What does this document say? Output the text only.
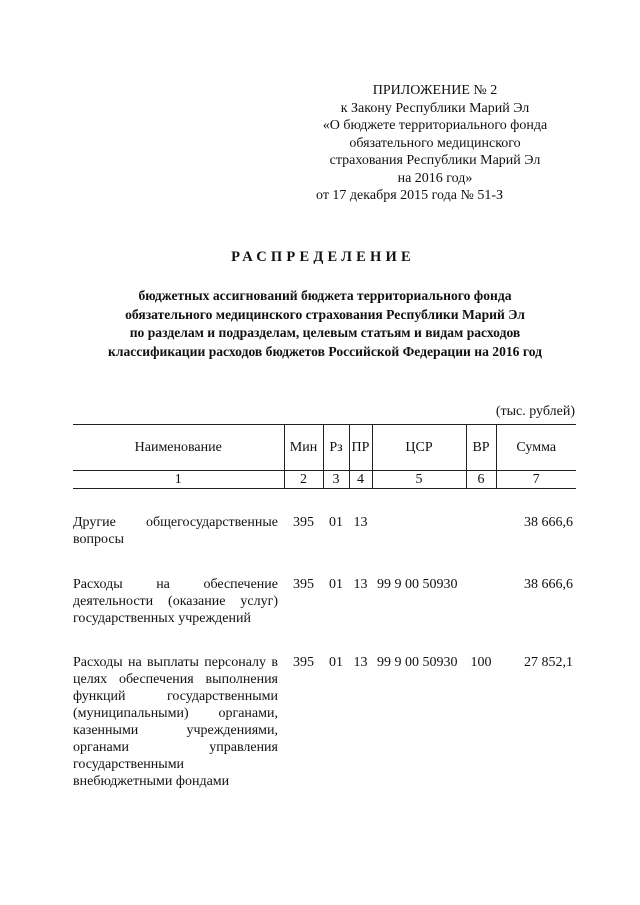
ПРИЛОЖЕНИЕ № 2
к Закону Республики Марий Эл
«О бюджете территориального фонда
обязательного медицинского
страхования Республики Марий Эл
на 2016 год»
от 17 декабря 2015 года № 51-З
РАСПРЕДЕЛЕНИЕ
бюджетных ассигнований бюджета территориального фонда
обязательного медицинского страхования Республики Марий Эл
по разделам и подразделам, целевым статьям и видам расходов
классификации расходов бюджетов Российской Федерации на 2016 год
(тыс. рублей)
Наименование	Мин	Рз	ПР	ЦСР	ВР	Сумма
1	2	3	4	5	6	7
Другие общегосударственные вопросы	395	01	13			38 666,6
Расходы на обеспечение деятельности (оказание услуг) государственных учреждений	395	01	13	99 9 00 50930		38 666,6
Расходы на выплаты персоналу в целях обеспечения выполнения функций государственными (муниципальными) органами, казенными учреждениями, органами управления государственными внебюджетными фондами	395	01	13	99 9 00 50930	100	27 852,1
